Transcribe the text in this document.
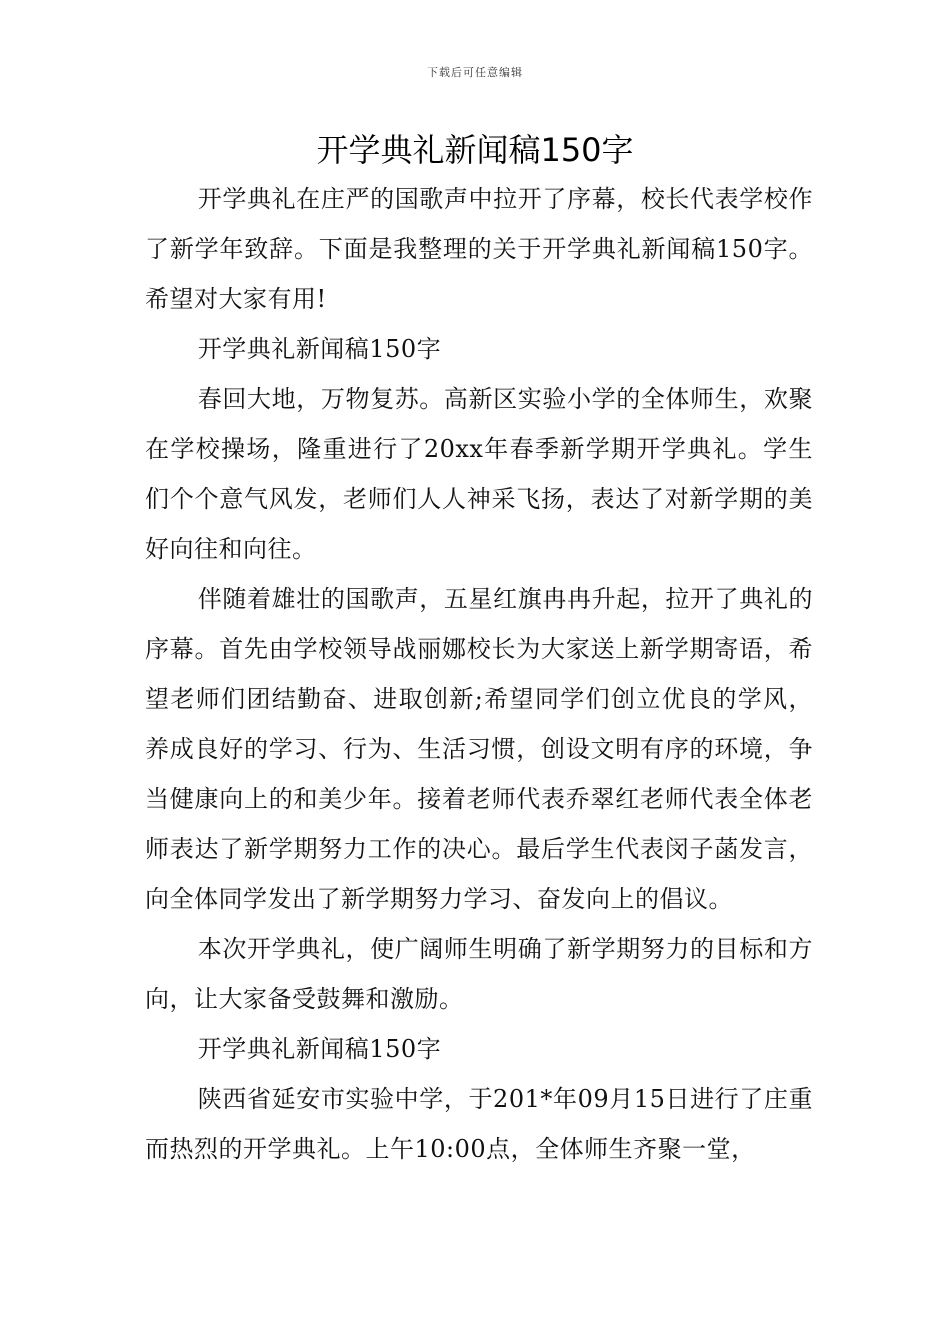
下载后可任意编辑
开学典礼新闻稿150字

开学典礼在庄严的国歌声中拉开了序幕，校长代表学校作了新学年致辞。下面是我整理的关于开学典礼新闻稿150字。希望对大家有用!

开学典礼新闻稿150字

春回大地，万物复苏。高新区实验小学的全体师生，欢聚在学校操场，隆重进行了20xx年春季新学期开学典礼。学生们个个意气风发，老师们人人神采飞扬，表达了对新学期的美好向往和向往。

伴随着雄壮的国歌声，五星红旗冉冉升起，拉开了典礼的序幕。首先由学校领导战丽娜校长为大家送上新学期寄语，希望老师们团结勤奋、进取创新;希望同学们创立优良的学风，养成良好的学习、行为、生活习惯，创设文明有序的环境，争当健康向上的和美少年。接着老师代表乔翠红老师代表全体老师表达了新学期努力工作的决心。最后学生代表闵子菡发言，向全体同学发出了新学期努力学习、奋发向上的倡议。

本次开学典礼，使广阔师生明确了新学期努力的目标和方向，让大家备受鼓舞和激励。

开学典礼新闻稿150字

陕西省延安市实验中学，于201*年09月15日进行了庄重而热烈的开学典礼。上午10:00点，全体师生齐聚一堂，
